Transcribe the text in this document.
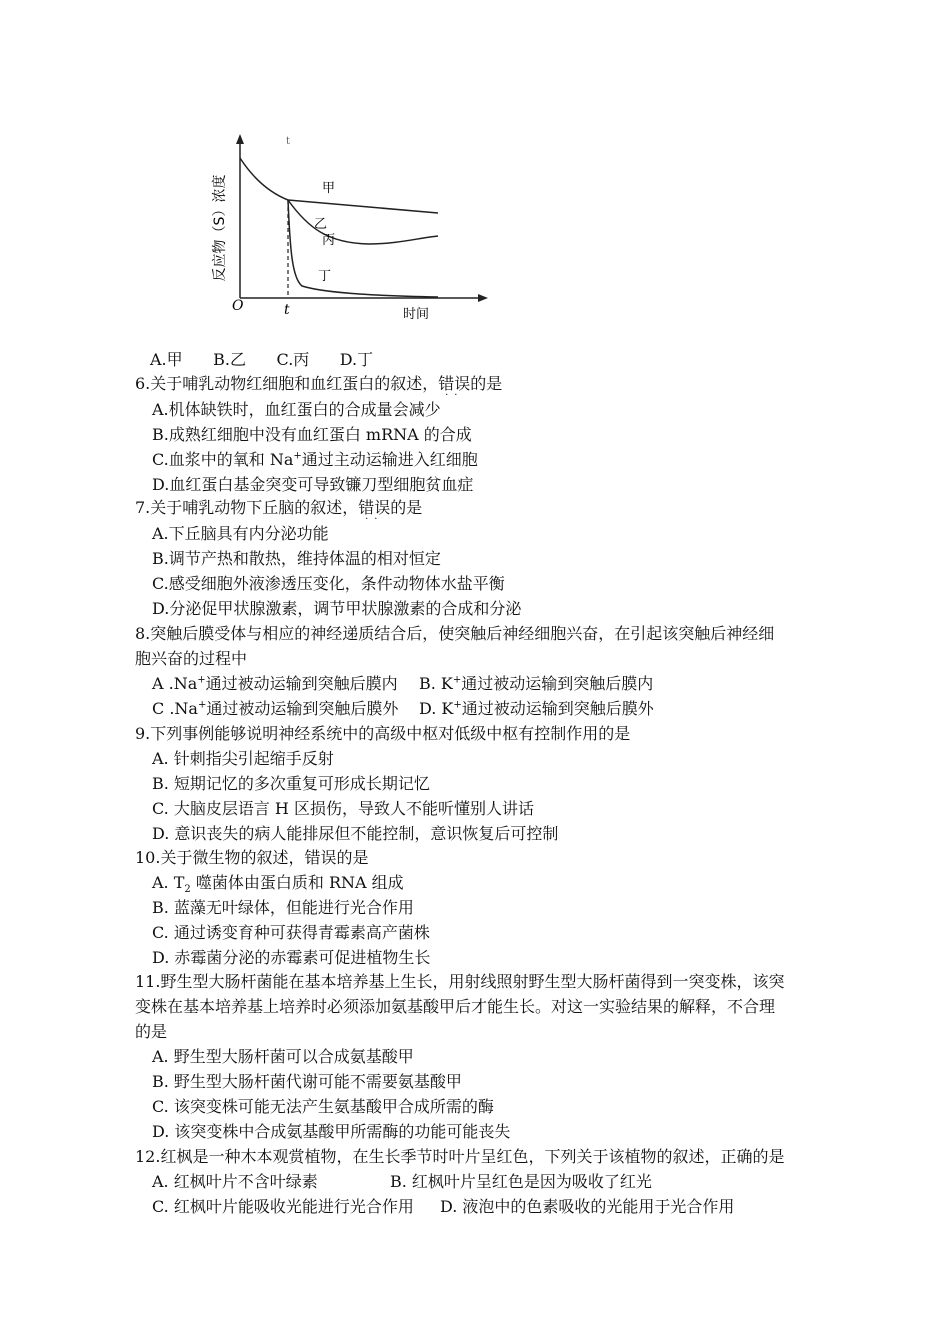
反应物（S）浓度
O	t
t
时间
甲
乙
丙
丁
A.甲      B.乙      C.丙      D.丁
6.关于哺乳动物红细胞和血红蛋白的叙述，错误
··
的是
A.机体缺铁时，血红蛋白的合成量会减少
B.成熟红细胞中没有血红蛋白 mRNA 的合成
C.血浆中的氧和 Na+通过主动运输进入红细胞
D.血红蛋白基金突变可导致镰刀型细胞贫血症
7.关于哺乳动物下丘脑的叙述，错误
··
的是
A.下丘脑具有内分泌功能
B.调节产热和散热，维持体温的相对恒定
C.感受细胞外液渗透压变化，条件动物体水盐平衡
D.分泌促甲状腺激素，调节甲状腺激素的合成和分泌
8.突触后膜受体与相应的神经递质结合后，使突触后神经细胞兴奋，在引起该突触后神经细
胞兴奋的过程中
A .Na+通过被动运输到突触后膜内 B. K+通过被动运输到突触后膜内
C .Na+通过被动运输到突触后膜外 D. K+通过被动运输到突触后膜外
9.下列事例能够说明神经系统中的高级中枢对低级中枢有控制作用的是
A. 针刺指尖引起缩手反射
B. 短期记忆的多次重复可形成长期记忆
C. 大脑皮层语言 H 区损伤，导致人不能听懂别人讲话
D. 意识丧失的病人能排尿但不能控制，意识恢复后可控制
10.关于微生物的叙述，错误的是
A. $T_2$ 噬菌体由蛋白质和 RNA 组成
B. 蓝藻无叶绿体，但能进行光合作用
C. 通过诱变育种可获得青霉素高产菌株
D. 赤霉菌分泌的赤霉素可促进植物生长
11.野生型大肠杆菌能在基本培养基上生长，用射线照射野生型大肠杆菌得到一突变株，该突
变株在基本培养基上培养时必须添加氨基酸甲后才能生长。对这一实验结果的解释，不合理
的是
A. 野生型大肠杆菌可以合成氨基酸甲
B. 野生型大肠杆菌代谢可能不需要氨基酸甲
C. 该突变株可能无法产生氨基酸甲合成所需的酶
D. 该突变株中合成氨基酸甲所需酶的功能可能丧失
12.红枫是一种木本观赏植物，在生长季节时叶片呈红色，下列关于该植物的叙述，正确的是
A. 红枫叶片不含叶绿素	B. 红枫叶片呈红色是因为吸收了红光
C. 红枫叶片能吸收光能进行光合作用 D. 液泡中的色素吸收的光能用于光合作用
